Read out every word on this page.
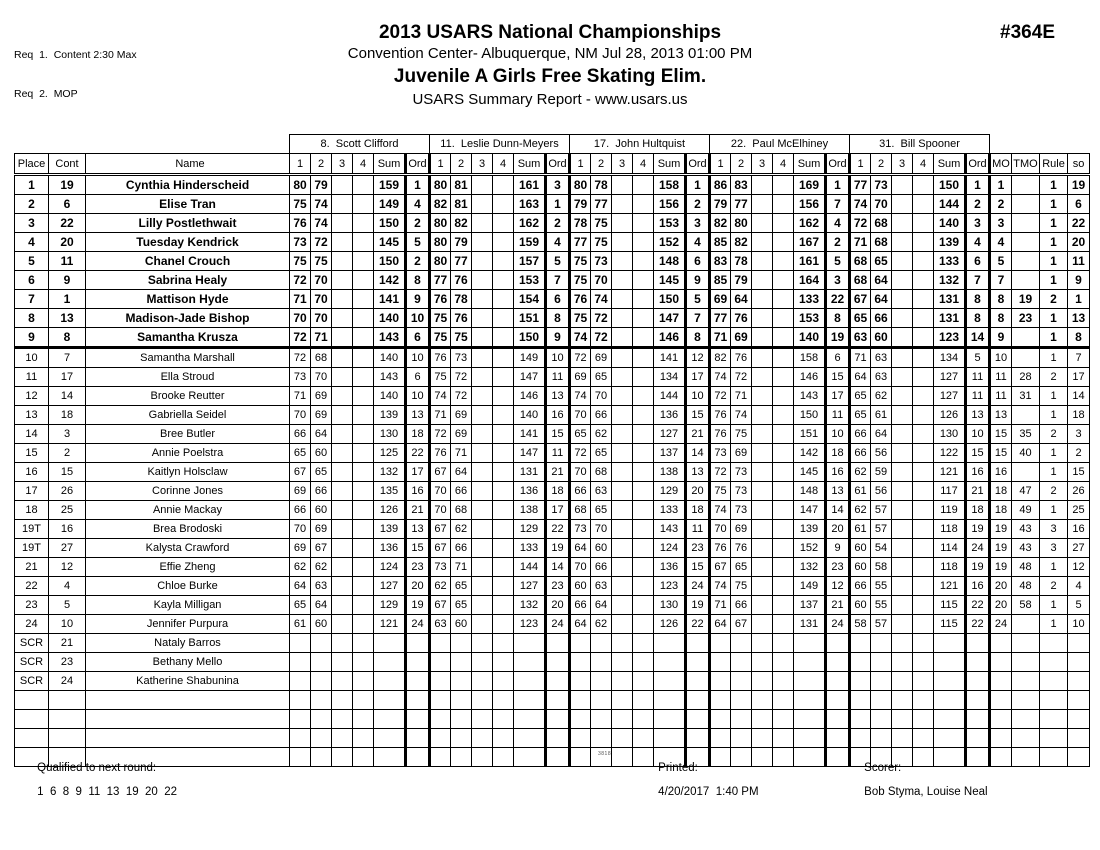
Req  1.  Content 2:30 Max

Req  2.  MOP

2013 USARS National Championships
Convention Center- Albuquerque, NM Jul 28, 2013 01:00 PM
Juvenile A Girls Free Skating Elim.
USARS Summary Report - www.usars.us
#364E
			8. Scott Clifford						11. Leslie Dunn-Meyers						17. John Hultquist						22. Paul McElhiney						31. Bill Spooner									
Place	Cont	Name	1	2	3	4	Sum	Ord	1	2	3	4	Sum	Ord	1	2	3	4	Sum	Ord	1	2	3	4	Sum	Ord	1	2	3	4	Sum	Ord	MO	TMO	Rule	so
1	19	Cynthia Hinderscheid	80	79			159	1	80	81			161	3	80	78			158	1	86	83			169	1	77	73			150	1	1		1	19
2	6	Elise Tran	75	74			149	4	82	81			163	1	79	77			156	2	79	77			156	7	74	70			144	2	2		1	6
3	22	Lilly Postlethwait	76	74			150	2	80	82			162	2	78	75			153	3	82	80			162	4	72	68			140	3	3		1	22
4	20	Tuesday Kendrick	73	72			145	5	80	79			159	4	77	75			152	4	85	82			167	2	71	68			139	4	4		1	20
5	11	Chanel Crouch	75	75			150	2	80	77			157	5	75	73			148	6	83	78			161	5	68	65			133	6	5		1	11
6	9	Sabrina Healy	72	70			142	8	77	76			153	7	75	70			145	9	85	79			164	3	68	64			132	7	7		1	9
7	1	Mattison Hyde	71	70			141	9	76	78			154	6	76	74			150	5	69	64			133	22	67	64			131	8	8	19	2	1
8	13	Madison-Jade Bishop	70	70			140	10	75	76			151	8	75	72			147	7	77	76			153	8	65	66			131	8	8	23	1	13
9	8	Samantha Krusza	72	71			143	6	75	75			150	9	74	72			146	8	71	69			140	19	63	60			123	14	9		1	8
10	7	Samantha Marshall	72	68			140	10	76	73			149	10	72	69			141	12	82	76			158	6	71	63			134	5	10		1	7
11	17	Ella Stroud	73	70			143	6	75	72			147	11	69	65			134	17	74	72			146	15	64	63			127	11	11	28	2	17
12	14	Brooke Reutter	71	69			140	10	74	72			146	13	74	70			144	10	72	71			143	17	65	62			127	11	11	31	1	14
13	18	Gabriella Seidel	70	69			139	13	71	69			140	16	70	66			136	15	76	74			150	11	65	61			126	13	13		1	18
14	3	Bree Butler	66	64			130	18	72	69			141	15	65	62			127	21	76	75			151	10	66	64			130	10	15	35	2	3
15	2	Annie Poelstra	65	60			125	22	76	71			147	11	72	65			137	14	73	69			142	18	66	56			122	15	15	40	1	2
16	15	Kaitlyn Holsclaw	67	65			132	17	67	64			131	21	70	68			138	13	72	73			145	16	62	59			121	16	16		1	15
17	26	Corinne Jones	69	66			135	16	70	66			136	18	66	63			129	20	75	73			148	13	61	56			117	21	18	47	2	26
18	25	Annie Mackay	66	60			126	21	70	68			138	17	68	65			133	18	74	73			147	14	62	57			119	18	18	49	1	25
19T	16	Brea Brodoski	70	69			139	13	67	62			129	22	73	70			143	11	70	69			139	20	61	57			118	19	19	43	3	16
19T	27	Kalysta Crawford	69	67			136	15	67	66			133	19	64	60			124	23	76	76			152	9	60	54			114	24	19	43	3	27
21	12	Effie Zheng	62	62			124	23	73	71			144	14	70	66			136	15	67	65			132	23	60	58			118	19	19	48	1	12
22	4	Chloe Burke	64	63			127	20	62	65			127	23	60	63			123	24	74	75			149	12	66	55			121	16	20	48	2	4
23	5	Kayla Milligan	65	64			129	19	67	65			132	20	66	64			130	19	71	66			137	21	60	55			115	22	20	58	1	5
24	10	Jennifer Purpura	61	60			121	24	63	60			123	24	64	62			126	22	64	67			131	24	58	57			115	22	24		1	10
SCR	21	Nataly Barros																																		
SCR	23	Bethany Mello																																		
SCR	24	Katherine Shabunina																																		

Qualified to next round:

1  6  8  9  11  13  19  20  22

3818

Printed:

4/20/2017  1:40 PM

Scorer:

Bob Styma, Louise Neal
